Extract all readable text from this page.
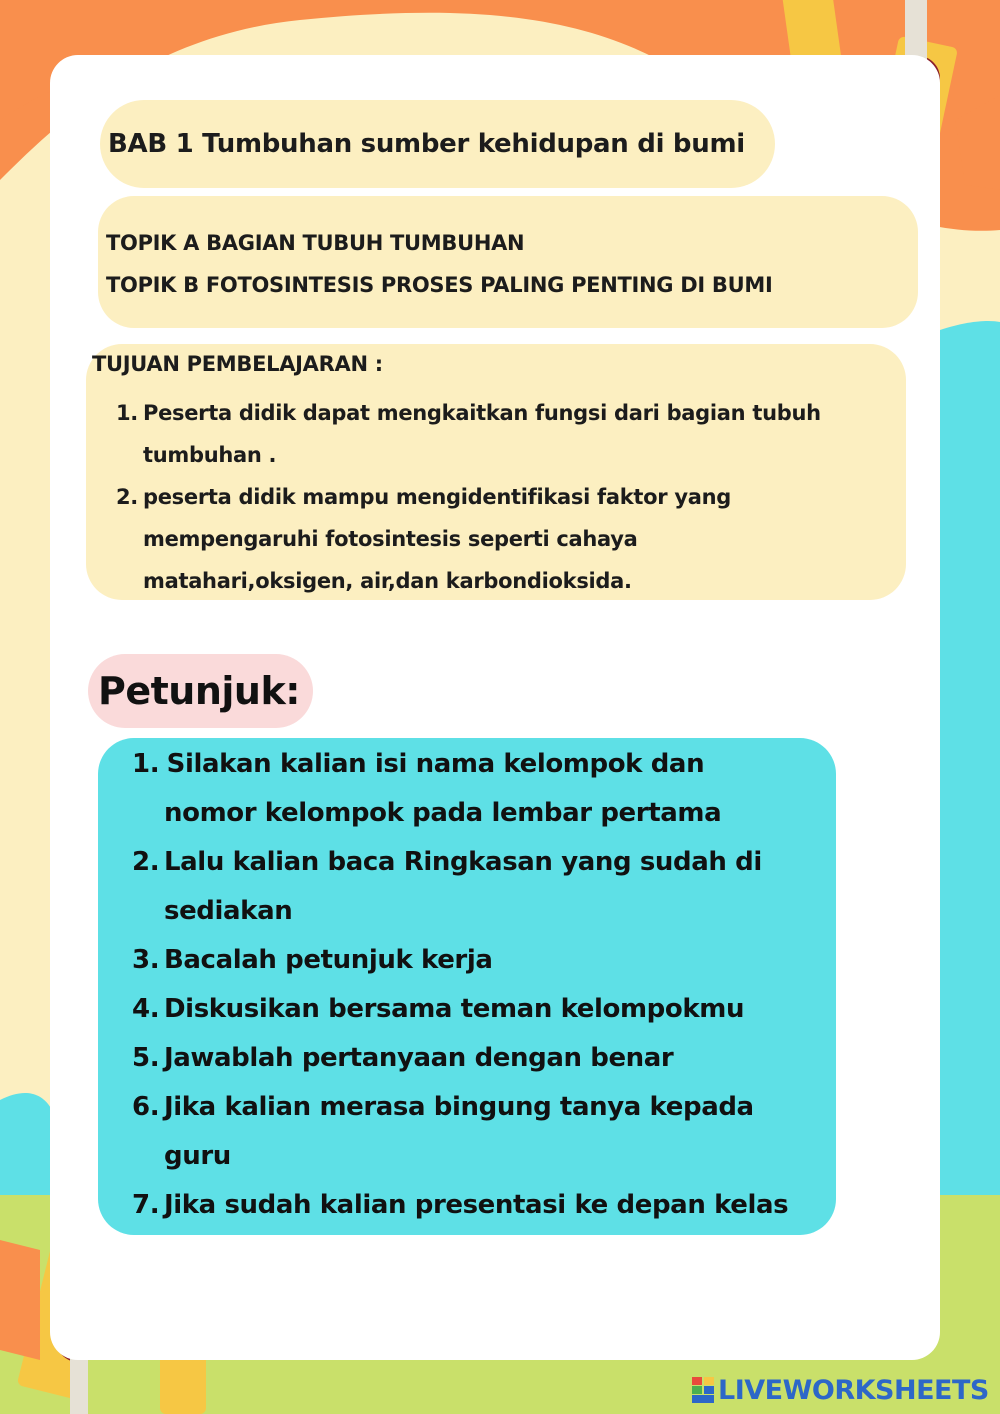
BAB 1 Tumbuhan sumber kehidupan di bumi
TOPIK A BAGIAN TUBUH TUMBUHAN
TOPIK B FOTOSINTESIS PROSES PALING PENTING DI BUMI
TUJUAN PEMBELAJARAN :
1. Peserta didik dapat mengkaitkan fungsi dari bagian tubuh
tumbuhan .
2. peserta didik mampu mengidentifikasi faktor yang
mempengaruhi fotosintesis seperti cahaya
matahari,oksigen, air,dan karbondioksida.
Petunjuk:
1.
Silakan kalian isi nama kelompok dan
nomor kelompok pada lembar pertama
2. Lalu kalian baca Ringkasan yang sudah di
sediakan
3. Bacalah petunjuk kerja
4. Diskusikan bersama teman kelompokmu
5. Jawablah pertanyaan dengan benar
6. Jika kalian merasa bingung tanya kepada
guru
7. Jika sudah kalian presentasi ke depan kelas
LIVEWORKSHEETS
